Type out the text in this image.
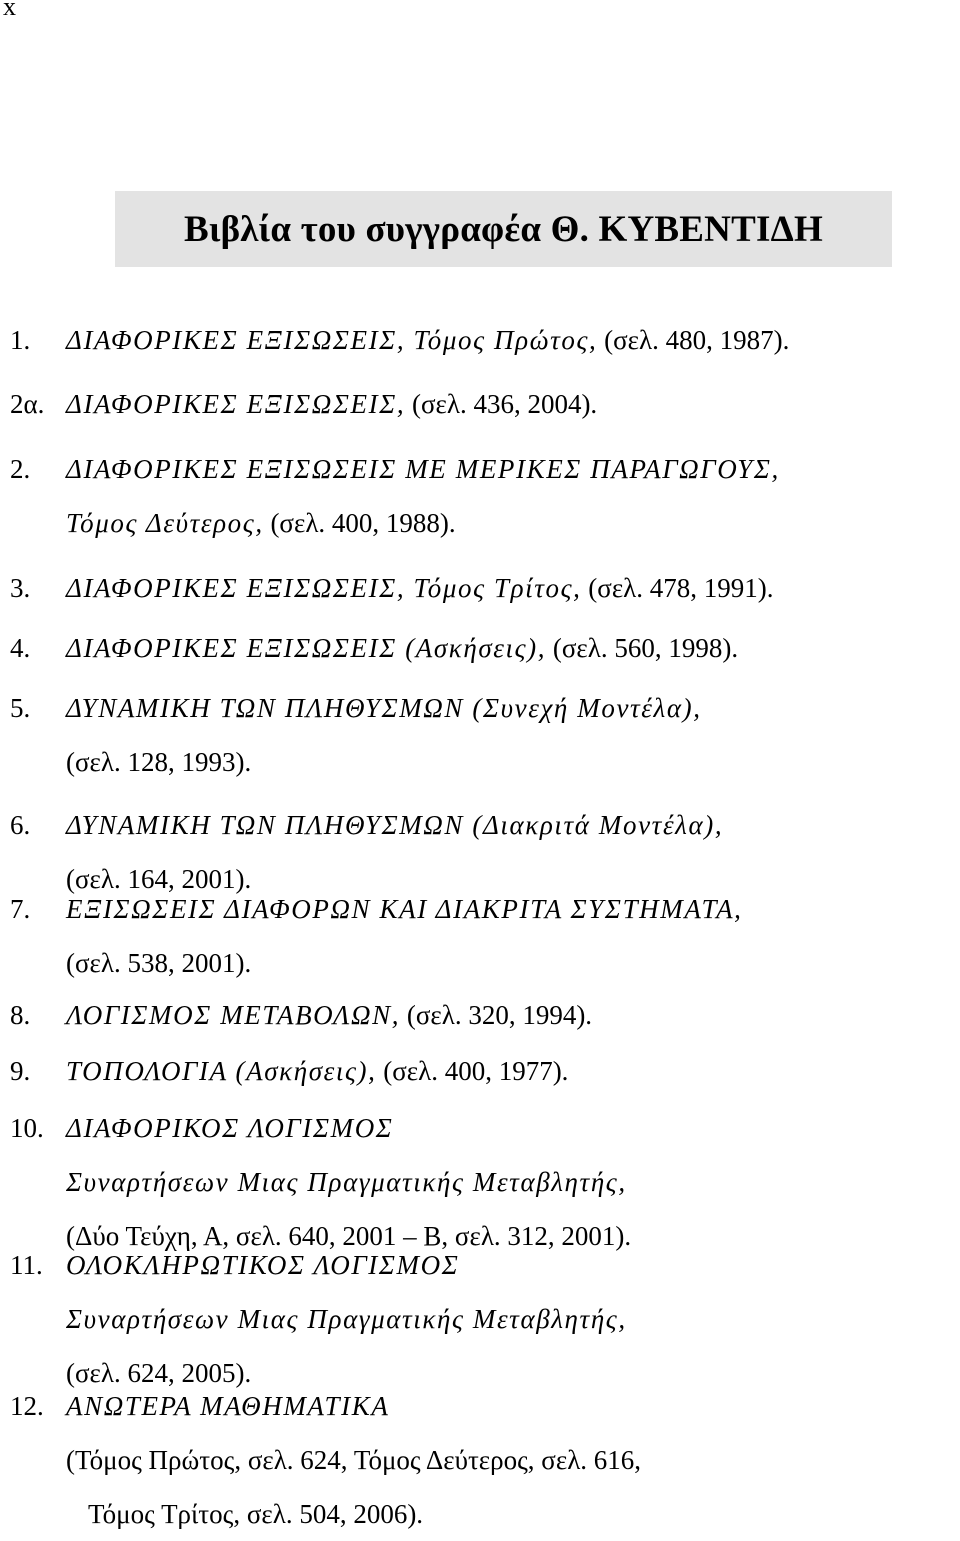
x
Βιβλία του συγγραφέα Θ. ΚΥΒΕΝΤΙΔΗ
1. ΔΙΑΦΟΡΙΚΕΣ ΕΞΙΣΩΣΕΙΣ, Τόμος Πρώτος, (σελ. 480, 1987).
2α. ΔΙΑΦΟΡΙΚΕΣ ΕΞΙΣΩΣΕΙΣ, (σελ. 436, 2004).
2. ΔΙΑΦΟΡΙΚΕΣ ΕΞΙΣΩΣΕΙΣ ΜΕ ΜΕΡΙΚΕΣ ΠΑΡΑΓΩΓΟΥΣ,
Τόμος Δεύτερος, (σελ. 400, 1988).
3. ΔΙΑΦΟΡΙΚΕΣ ΕΞΙΣΩΣΕΙΣ, Τόμος Τρίτος, (σελ. 478, 1991).
4. ΔΙΑΦΟΡΙΚΕΣ ΕΞΙΣΩΣΕΙΣ (Ασκήσεις), (σελ. 560, 1998).
5. ΔΥΝΑΜΙΚΗ ΤΩΝ ΠΛΗΘΥΣΜΩΝ (Συνεχή Μοντέλα),
(σελ. 128, 1993).
6. ΔΥΝΑΜΙΚΗ ΤΩΝ ΠΛΗΘΥΣΜΩΝ (Διακριτά Μοντέλα),
(σελ. 164, 2001).
7. ΕΞΙΣΩΣΕΙΣ ΔΙΑΦΟΡΩΝ ΚΑΙ ΔΙΑΚΡΙΤΑ ΣΥΣΤΗΜΑΤΑ,
(σελ. 538, 2001).
8. ΛΟΓΙΣΜΟΣ ΜΕΤΑΒΟΛΩΝ, (σελ. 320, 1994).
9. ΤΟΠΟΛΟΓΙΑ (Ασκήσεις), (σελ. 400, 1977).
10. ΔΙΑΦΟΡΙΚΟΣ ΛΟΓΙΣΜΟΣ
Συναρτήσεων Μιας Πραγματικής Μεταβλητής,
(Δύο Τεύχη, Α, σελ. 640, 2001 – Β, σελ. 312, 2001).
11. ΟΛΟΚΛΗΡΩΤΙΚΟΣ ΛΟΓΙΣΜΟΣ
Συναρτήσεων Μιας Πραγματικής Μεταβλητής,
(σελ. 624, 2005).
12. ΑΝΩΤΕΡΑ ΜΑΘΗΜΑΤΙΚΑ
(Τόμος Πρώτος, σελ. 624, Τόμος Δεύτερος, σελ. 616,
Τόμος Τρίτος, σελ. 504, 2006).
